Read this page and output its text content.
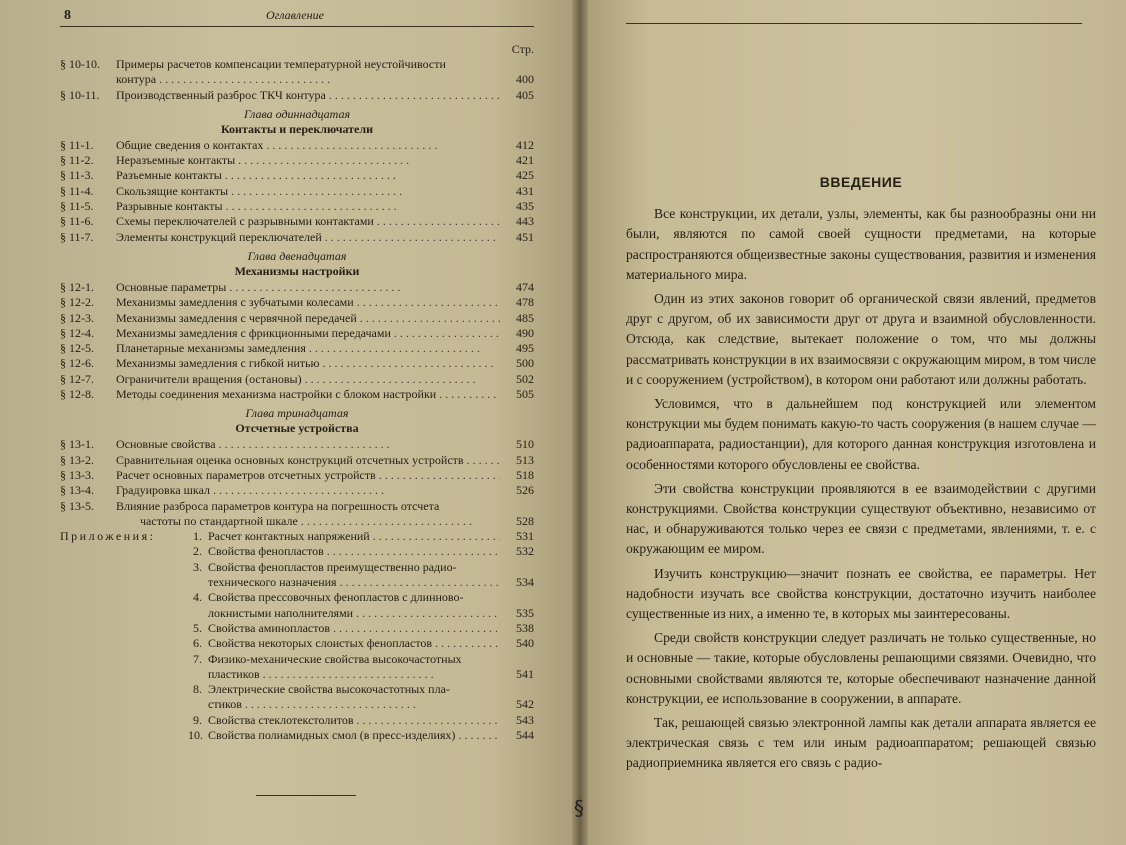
§
8	Оглавление
Стр.
§ 10-10. Примеры расчетов компенсации температурной неустойчивости
контура . . .	400
§ 10-11. Производственный разброс ТКЧ контура . . .	405
Глава одиннадцатая
Контакты и переключатели
§ 11-1. Общие сведения о контактах . . .	412
§ 11-2. Неразъемные контакты . . .	421
§ 11-3. Разъемные контакты . . .	425
§ 11-4. Скользящие контакты . . .	431
§ 11-5. Разрывные контакты . . .	435
§ 11-6. Схемы переключателей с разрывными контактами . . .	443
§ 11-7. Элементы конструкций переключателей . . .	451
Глава двенадцатая
Механизмы настройки
§ 12-1. Основные параметры . . .	474
§ 12-2. Механизмы замедления с зубчатыми колесами . . .	478
§ 12-3. Механизмы замедления с червячной передачей . . .	485
§ 12-4. Механизмы замедления с фрикционными передачами . . .	490
§ 12-5. Планетарные механизмы замедления . . .	495
§ 12-6. Механизмы замедления с гибкой нитью . . .	500
§ 12-7. Ограничители вращения (остановы) . . .	502
§ 12-8. Методы соединения механизма настройки с блоком настройки . . .	505
Глава тринадцатая
Отсчетные устройства
§ 13-1. Основные свойства . . .	510
§ 13-2. Сравнительная оценка основных конструкций отсчетных устройств . . .	513
§ 13-3. Расчет основных параметров отсчетных устройств . . .	518
§ 13-4. Градуировка шкал . . .	526
§ 13-5. Влияние разброса параметров контура на погрешность отсчета
частоты по стандартной шкале . . .	528
Приложения:	1. Расчет контактных напряжений . . .	531
2. Свойства фенопластов . . .	532
3. Свойства фенопластов преимущественно радио-
технического назначения . . .	534
4. Свойства прессовочных фенопластов с длинново-
локнистыми наполнителями . . .	535
5. Свойства аминопластов . . .	538
6. Свойства некоторых слоистых фенопластов . . .	540
7. Физико-механические свойства высокочастотных
пластиков . . .	541
8. Электрические свойства высокочастотных пла-
стиков . . .	542
9. Свойства стеклотекстолитов . . .	543
10. Свойства полиамидных смол (в пресс-изделиях) . . .	544
ВВЕДЕНИЕ

Все конструкции, их детали, узлы, элементы, как бы разнообразны они ни были, являются по самой своей сущности предметами, на которые распространяются общеизвестные законы существования, развития и изменения материального мира.

Один из этих законов говорит об органической связи явлений, предметов друг с другом, об их зависимости друг от друга и взаимной обусловленности. Отсюда, как следствие, вытекает положение о том, что мы должны рассматривать конструкции в их взаимосвязи с окружающим миром, в том числе и с сооружением (устройством), в котором они работают или должны работать.

Условимся, что в дальнейшем под конструкцией или элементом конструкции мы будем понимать какую-то часть сооружения (в нашем случае — радиоаппарата, радиостанции), для которого данная конструкция изготовлена и особенностями которого обусловлены ее свойства.

Эти свойства конструкции проявляются в ее взаимодействии с другими конструкциями. Свойства конструкции существуют объективно, независимо от нас, и обнаруживаются только через ее связи с предметами, явлениями, т. е. с окружающим ее миром.

Изучить конструкцию—значит познать ее свойства, ее параметры. Нет надобности изучать все свойства конструкции, достаточно изучить наиболее существенные из них, а именно те, в которых мы заинтересованы.

Среди свойств конструкции следует различать не только существенные, но и основные — такие, которые обусловлены решающими связями. Очевидно, что основными свойствами являются те, которые обеспечивают назначение данной конструкции, ее использование в сооружении, в аппарате.

Так, решающей связью электронной лампы как детали аппарата является ее электрическая связь с тем или иным радиоаппаратом; решающей связью радиоприемника является его связь с радио-
